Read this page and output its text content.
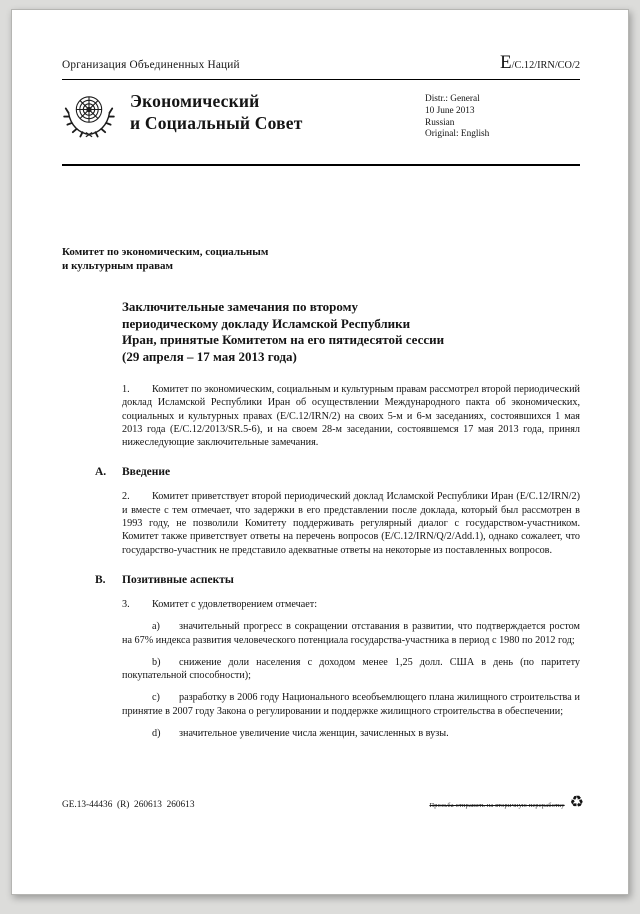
Организация Объединенных Наций	E /C.12/IRN/CO/2
Экономический
и Социальный Совет
Distr.: General
10 June 2013
Russian
Original: English
Комитет по экономическим, социальным
и культурным правам
Заключительные замечания по второму
периодическому докладу Исламской Республики
Иран, принятые Комитетом на его пятидесятой сессии
(29 апреля – 17 мая 2013 года)

1. Комитет по экономическим, социальным и культурным правам рассмотрел второй периодический доклад Исламской Республики Иран об осуществлении Международного пакта об экономических, социальных и культурных правах (E/C.12/IRN/2) на своих 5-м и 6-м заседаниях, состоявшихся 1 мая 2013 года (E/C.12/2013/SR.5-6), и на своем 28-м заседании, состоявшемся 17 мая 2013 года, принял нижеследующие заключительные замечания.

A. Введение

2. Комитет приветствует второй периодический доклад Исламской Республики Иран (E/C.12/IRN/2) и вместе с тем отмечает, что задержки в его представлении после доклада, который был рассмотрен в 1993 году, не позволили Комитету поддерживать регулярный диалог с государством-участником. Комитет также приветствует ответы на перечень вопросов (E/C.12/IRN/Q/2/Add.1), однако сожалеет, что государство-участник не представило адекватные ответы на некоторые из поставленных вопросов.

B. Позитивные аспекты

3. Комитет с удовлетворением отмечает:

a) значительный прогресс в сокращении отставания в развитии, что подтверждается ростом на 67% индекса развития человеческого потенциала государства-участника в период с 1980 по 2012 год;

b) снижение доли населения с доходом менее 1,25 долл. США в день (по паритету покупательной способности);

c) разработку в 2006 году Национального всеобъемлющего плана жилищного строительства и принятие в 2007 году Закона о регулировании и поддержке жилищного строительства в обеспечении;

d) значительное увеличение числа женщин, зачисленных в вузы.

GE.13-44436  (R)  260613  260613	Просьба отправить на вторичную переработку ♻
